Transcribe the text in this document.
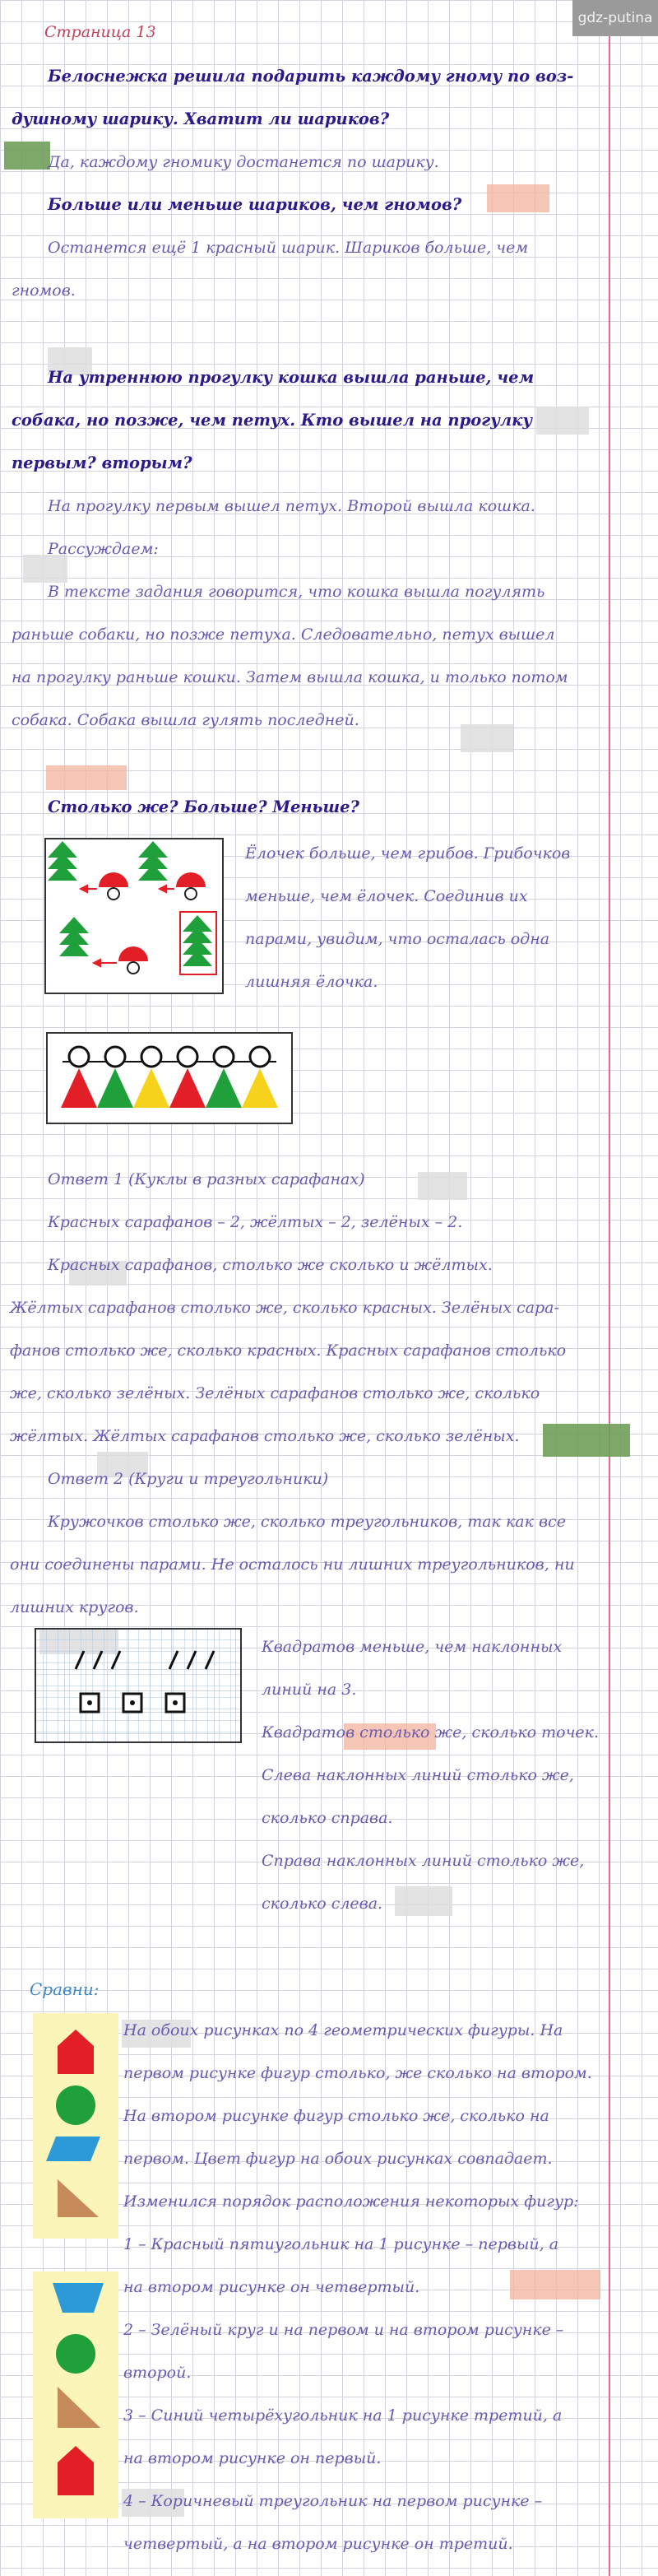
gdz-putina
Страница 13
Белоснежка решила подарить каждому гному по воз-
душному шарику. Хватит ли шариков?
Да, каждому гномику достанется по шарику.
Больше или меньше шариков, чем гномов?
Останется ещё 1 красный шарик. Шариков больше, чем
гномов.
На утреннюю прогулку кошка вышла раньше, чем
собака, но позже, чем петух. Кто вышел на прогулку
первым? вторым?
На прогулку первым вышел петух. Второй вышла кошка.
Рассуждаем:
В тексте задания говорится, что кошка вышла погулять
раньше собаки, но позже петуха. Следовательно, петух вышел
на прогулку раньше кошки. Затем вышла кошка, и только потом
собака. Собака вышла гулять последней.
Столько же? Больше? Меньше?
Ёлочек больше, чем грибов. Грибочков
меньше, чем ёлочек. Соединив их
парами, увидим, что осталась одна
лишняя ёлочка.
Ответ 1 (Куклы в разных сарафанах)
Красных сарафанов – 2, жёлтых – 2, зелёных – 2.
Красных сарафанов, столько же сколько и жёлтых.
Жёлтых сарафанов столько же, сколько красных. Зелёных сара-
фанов столько же, сколько красных. Красных сарафанов столько
же, сколько зелёных. Зелёных сарафанов столько же, сколько
жёлтых. Жёлтых сарафанов столько же, сколько зелёных.
Ответ 2 (Круги и треугольники)
Кружочков столько же, сколько треугольников, так как все
они соединены парами. Не осталось ни лишних треугольников, ни
лишних кругов.
Квадратов меньше, чем наклонных
линий на 3.
Квадратов столько же, сколько точек.
Слева наклонных линий столько же,
сколько справа.
Справа наклонных линий столько же,
сколько слева.
Сравни:
На обоих рисунках по 4 геометрических фигуры. На
первом рисунке фигур столько, же сколько на втором.
На втором рисунке фигур столько же, сколько на
первом. Цвет фигур на обоих рисунках совпадает.
Изменился порядок расположения некоторых фигур:
1 – Красный пятиугольник на 1 рисунке – первый, а
на втором рисунке он четвертый.
2 – Зелёный круг и на первом и на втором рисунке –
второй.
3 – Синий четырёхугольник на 1 рисунке третий, а
на втором рисунке он первый.
4 – Коричневый треугольник на первом рисунке –
четвертый, а на втором рисунке он третий.
